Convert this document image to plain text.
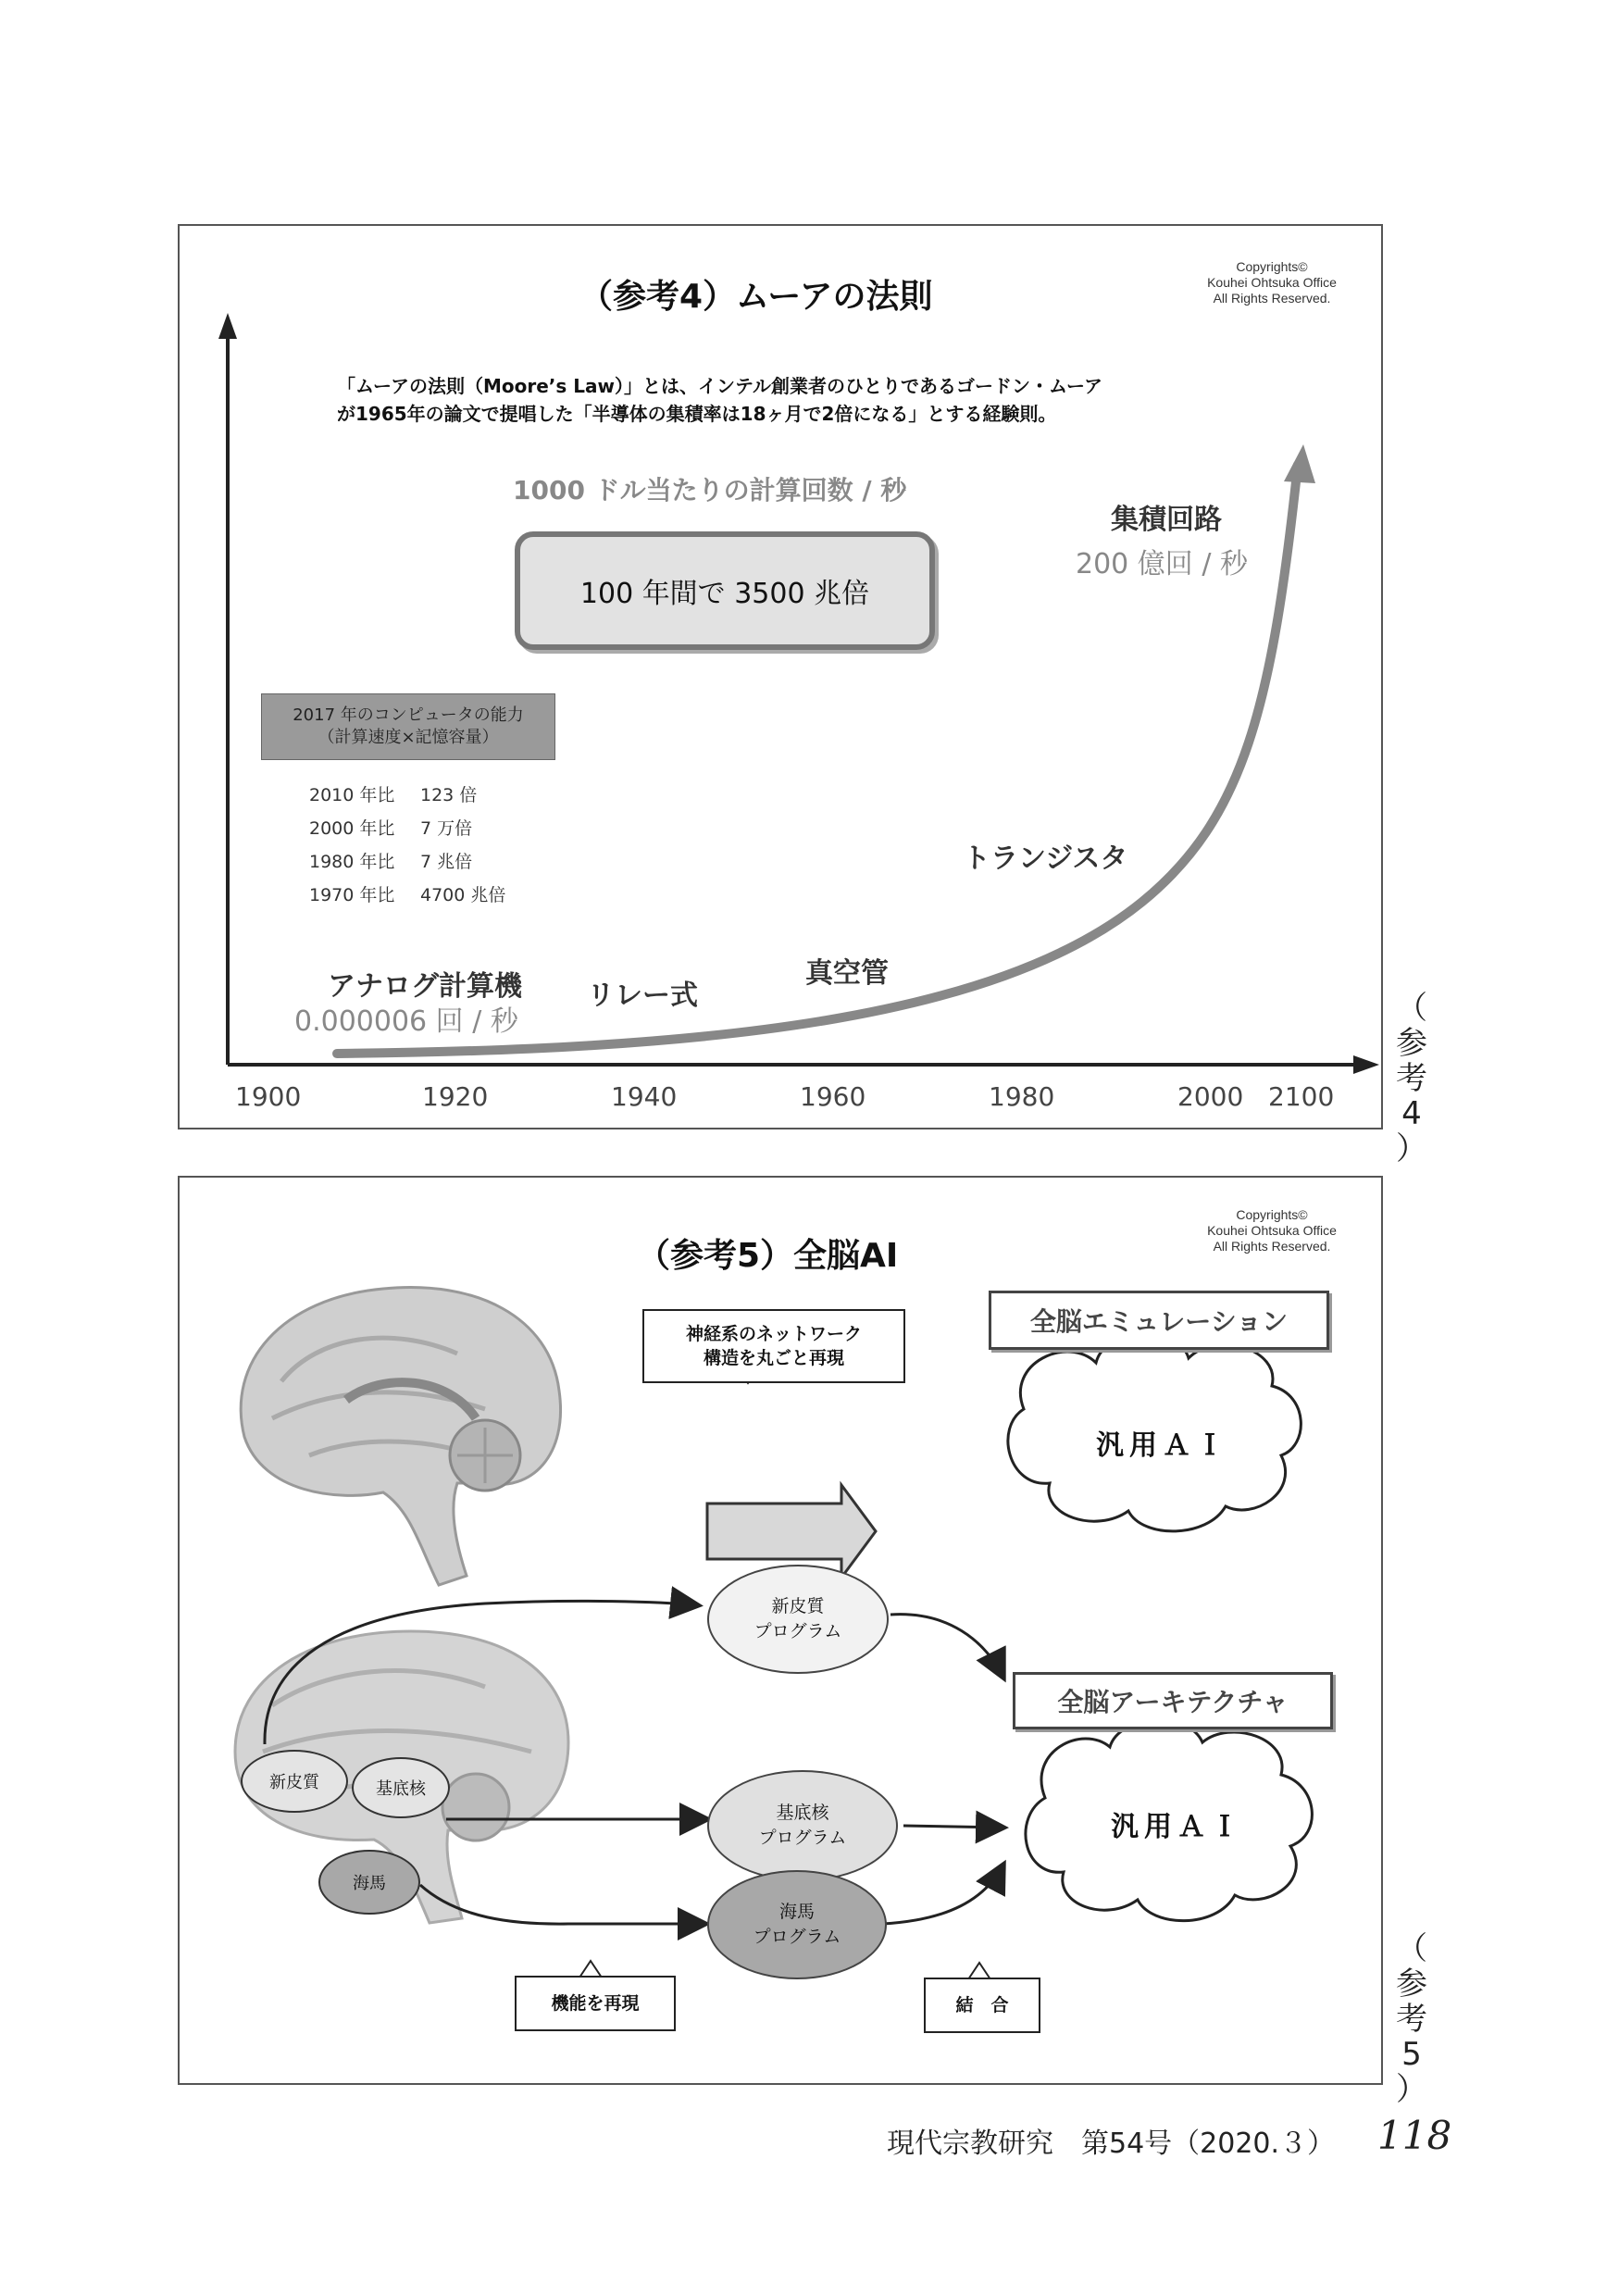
（参考4）ムーアの法則
Copyrights©
Kouhei Ohtsuka Office
All Rights Reserved.
「ムーアの法則（Moore’s Law）」とは、インテル創業者のひとりであるゴードン・ムーア
が1965年の論文で提唱した「半導体の集積率は18ヶ月で2倍になる」とする経験則。
1000 ドル当たりの計算回数 / 秒
100 年間で 3500 兆倍
2017 年のコンピュータの能力
（計算速度×記憶容量）
2010 年比 123 倍
2000 年比 7 万倍
1980 年比 7 兆倍
1970 年比 4700 兆倍
アナログ計算機
0.000006 回 / 秒
リレー式
真空管
トランジスタ
集積回路
200 億回 / 秒
1900	1920	1940	1960	1980	2000 2100
（
参
考
4
）
（参考5）全脳AI
Copyrights©
Kouhei Ohtsuka Office
All Rights Reserved.
全脳エミュレーション
神経系のネットワーク
構造を丸ごと再現
汎用ＡＩ
全脳アーキテクチャ
新皮質	基底核
海馬
新皮質
プログラム
基底核
プログラム
海馬
プログラム
汎用ＡＩ
機能を再現	結　合
（
参
考
5
）
現代宗教研究　第54号（2020.３） 118
